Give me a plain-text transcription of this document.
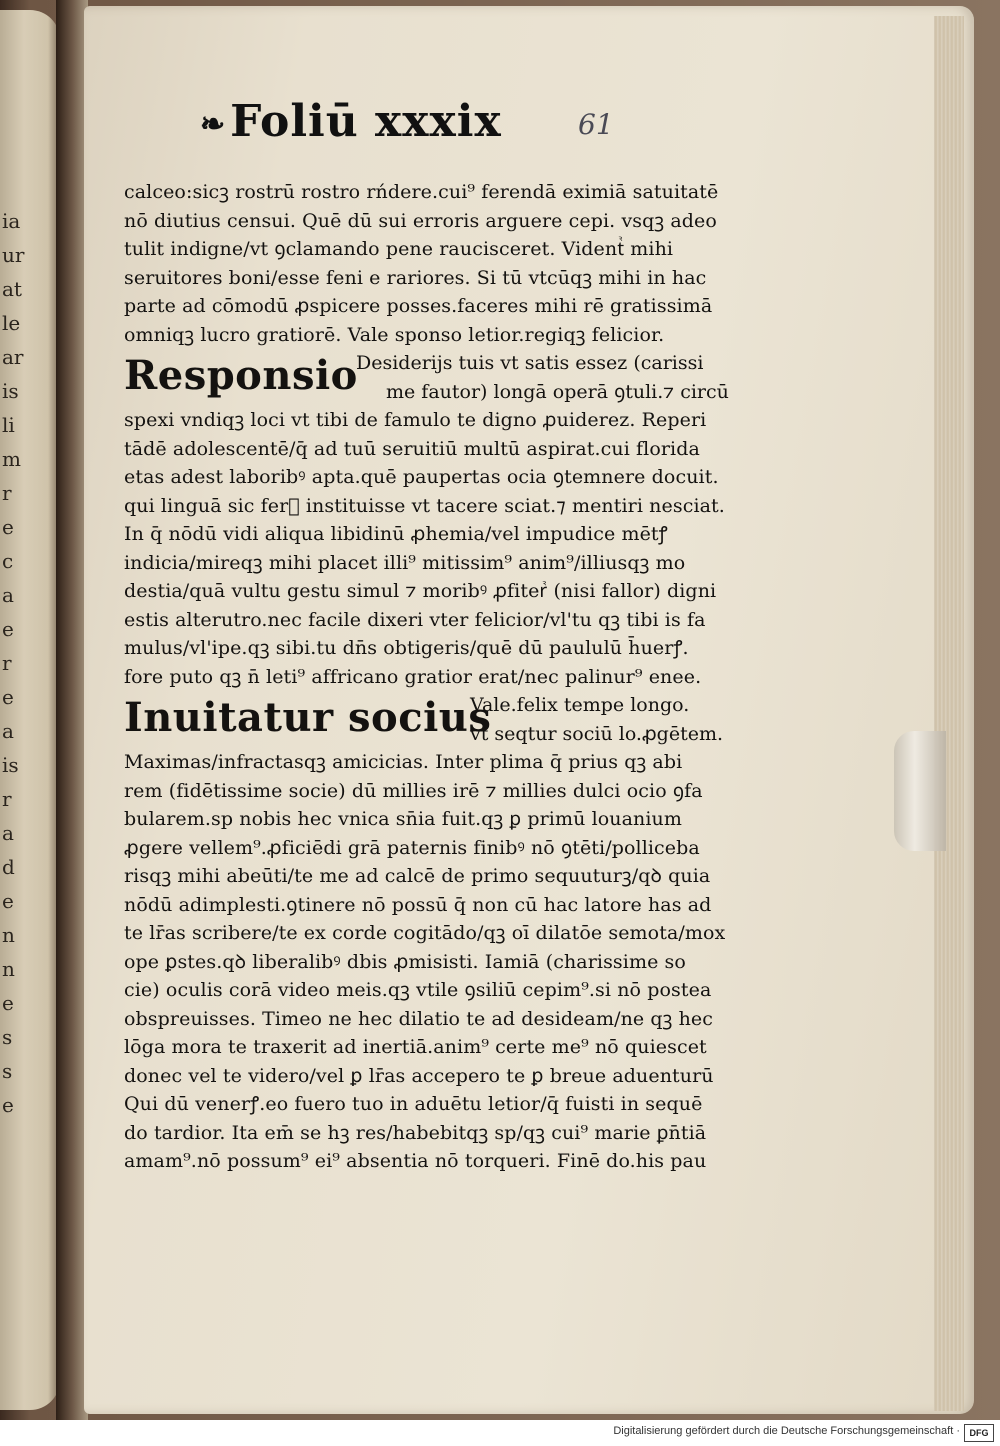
ia
ur
at
le
ar
is
li
m
r
e
c
a
e
r
e
a
is
r
a
d
e
n
n
e
s
s
e
❧Foliū xxxix	61
calceo:sicꝫ rostrū rostro rńdere.cui⁹ ferendā eximiā satuitatē
nō diutius censui. Quē dū sui erroris arguere cepi. vsqꝫ adeo
tulit indigne/vt ꝯclamando pene raucisceret. Videntᷣ mihi
seruitores boni/esse feni e rariores. Si tū vtcūqꝫ mihi in hac
parte ad cōmodū ꝓspicere posses.faceres mihi rē gratissimā
omniqꝫ lucro gratiorē. Vale sponso letior.regiqꝫ felicior.
Responsio
Desiderijs tuis vt satis essez (carissi
me fautor) longā operā ꝯtuli.⁊ circū
spexi vndiqꝫ loci vt tibi de famulo te digno ꝓuiderez. Reperi
tādē adolescentē/q̄ ad tuū seruitiū multū aspirat.cui florida
etas adest laboribꝰ apta.quē paupertas ocia ꝯtemnere docuit.
qui linguā sic ferᷣ instituisse vt tacere sciat.⁊ mentiri nesciat.
In q̄ nōdū vidi aliqua libidinū ꝓhemia/vel impudice mētꝭ
indicia/mireqꝫ mihi placet illi⁹ mitissim⁹ anim⁹/illiusqꝫ mo
destia/quā vultu gestu simul ⁊ moribꝰ ꝓfiterᷣ (nisi fallor) digni
estis alterutro.nec facile dixeri vter felicior/vl'tu qꝫ tibi is fa
mulus/vl'ipe.qꝫ sibi.tu dn̄s obtigeris/quē dū paululū h̄uerꝭ.
fore puto qꝫ n̄ leti⁹ affricano gratior erat/nec palinur⁹ enee.
Inuitatur socius
Vale.felix tempe longo.
vt seqtur sociū lo.ꝓgētem.
Maximas/infractasqꝫ amicicias. Inter plima q̄ prius qꝫ abi
rem (fidētissime socie) dū millies irē ⁊ millies dulci ocio ꝯfa
bularem.sp nobis hec vnica sn̄ia fuit.qꝫ ꝑ primū louanium
ꝓgere vellem⁹.ꝓficiēdi grā paternis finibꝰ nō ꝯtēti/polliceba
risqꝫ mihi abeūti/te me ad calcē de primo sequuturꝫ/qꝺ quia
nōdū adimplesti.ꝯtinere nō possū q̄ non cū hac latore has ad
te lr̄as scribere/te ex corde cogitādo/qꝫ oī dilatōe semota/mox
ope ꝑstes.qꝺ liberalibꝰ dbis ꝓmisisti. Iamiā (charissime so
cie) oculis corā video meis.qꝫ vtile ꝯsiliū cepim⁹.si nō postea
obspreuisses. Timeo ne hec dilatio te ad desideam/ne qꝫ hec
lōga mora te traxerit ad inertiā.anim⁹ certe me⁹ nō quiescet
donec vel te videro/vel ꝑ lr̄as accepero te ꝑ breue aduenturū
Qui dū venerꝭ.eo fuero tuo in aduētu letior/q̄ fuisti in sequē
do tardior. Ita em̄ se hꝫ res/habebitqꝫ sp/qꝫ cui⁹ marie ꝑn̄tiā
amam⁹.nō possum⁹ ei⁹ absentia nō torqueri. Finē do.his pau
Digitalisierung gefördert durch die Deutsche Forschungsgemeinschaft ·	DFG
